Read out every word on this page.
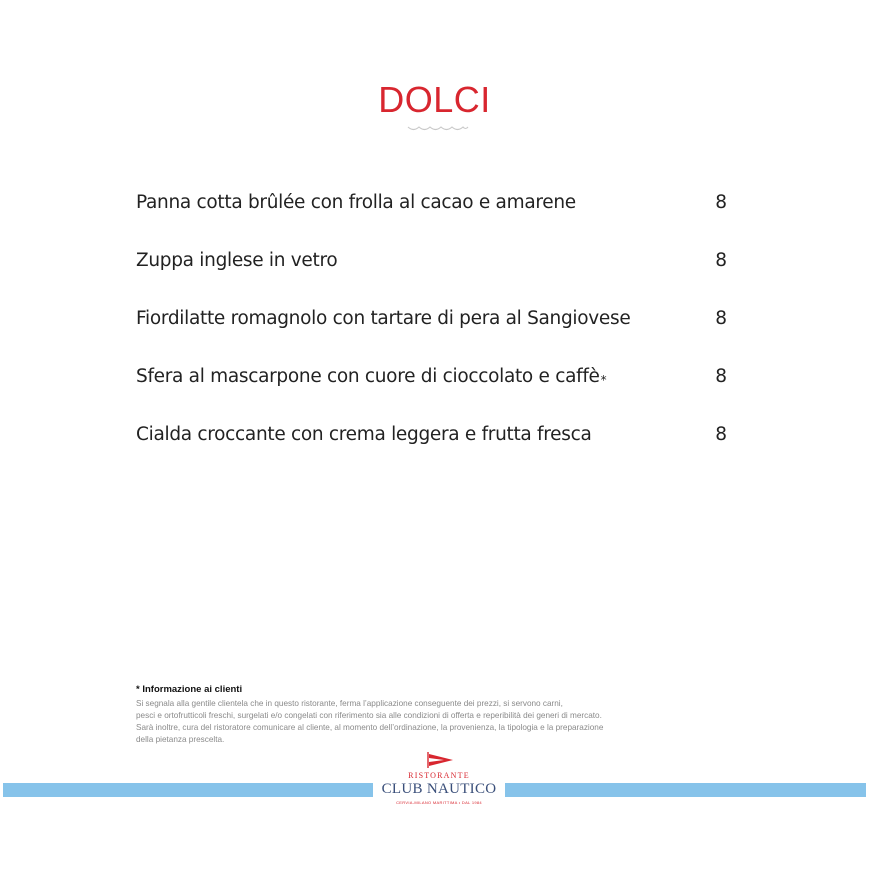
DOLCI
Panna cotta brûlée con frolla al cacao e amarene	8
Zuppa inglese in vetro	8
Fiordilatte romagnolo con tartare di pera al Sangiovese	8
Sfera al mascarpone con cuore di cioccolato e caffè*	8
Cialda croccante con crema leggera e frutta fresca	8
* Informazione ai clienti
Si segnala alla gentile clientela che in questo ristorante, ferma l’applicazione conseguente dei prezzi, si servono carni,
pesci e ortofrutticoli freschi, surgelati e/o congelati con riferimento sia alle condizioni di offerta e reperibilità dei generi di mercato.
Sarà inoltre, cura del ristoratore comunicare al cliente, al momento dell’ordinazione, la provenienza, la tipologia e la preparazione
della pietanza prescelta.
RISTORANTE
CLUB NAUTICO
CERVIA-MILANO MARITTIMA • DAL 1984
